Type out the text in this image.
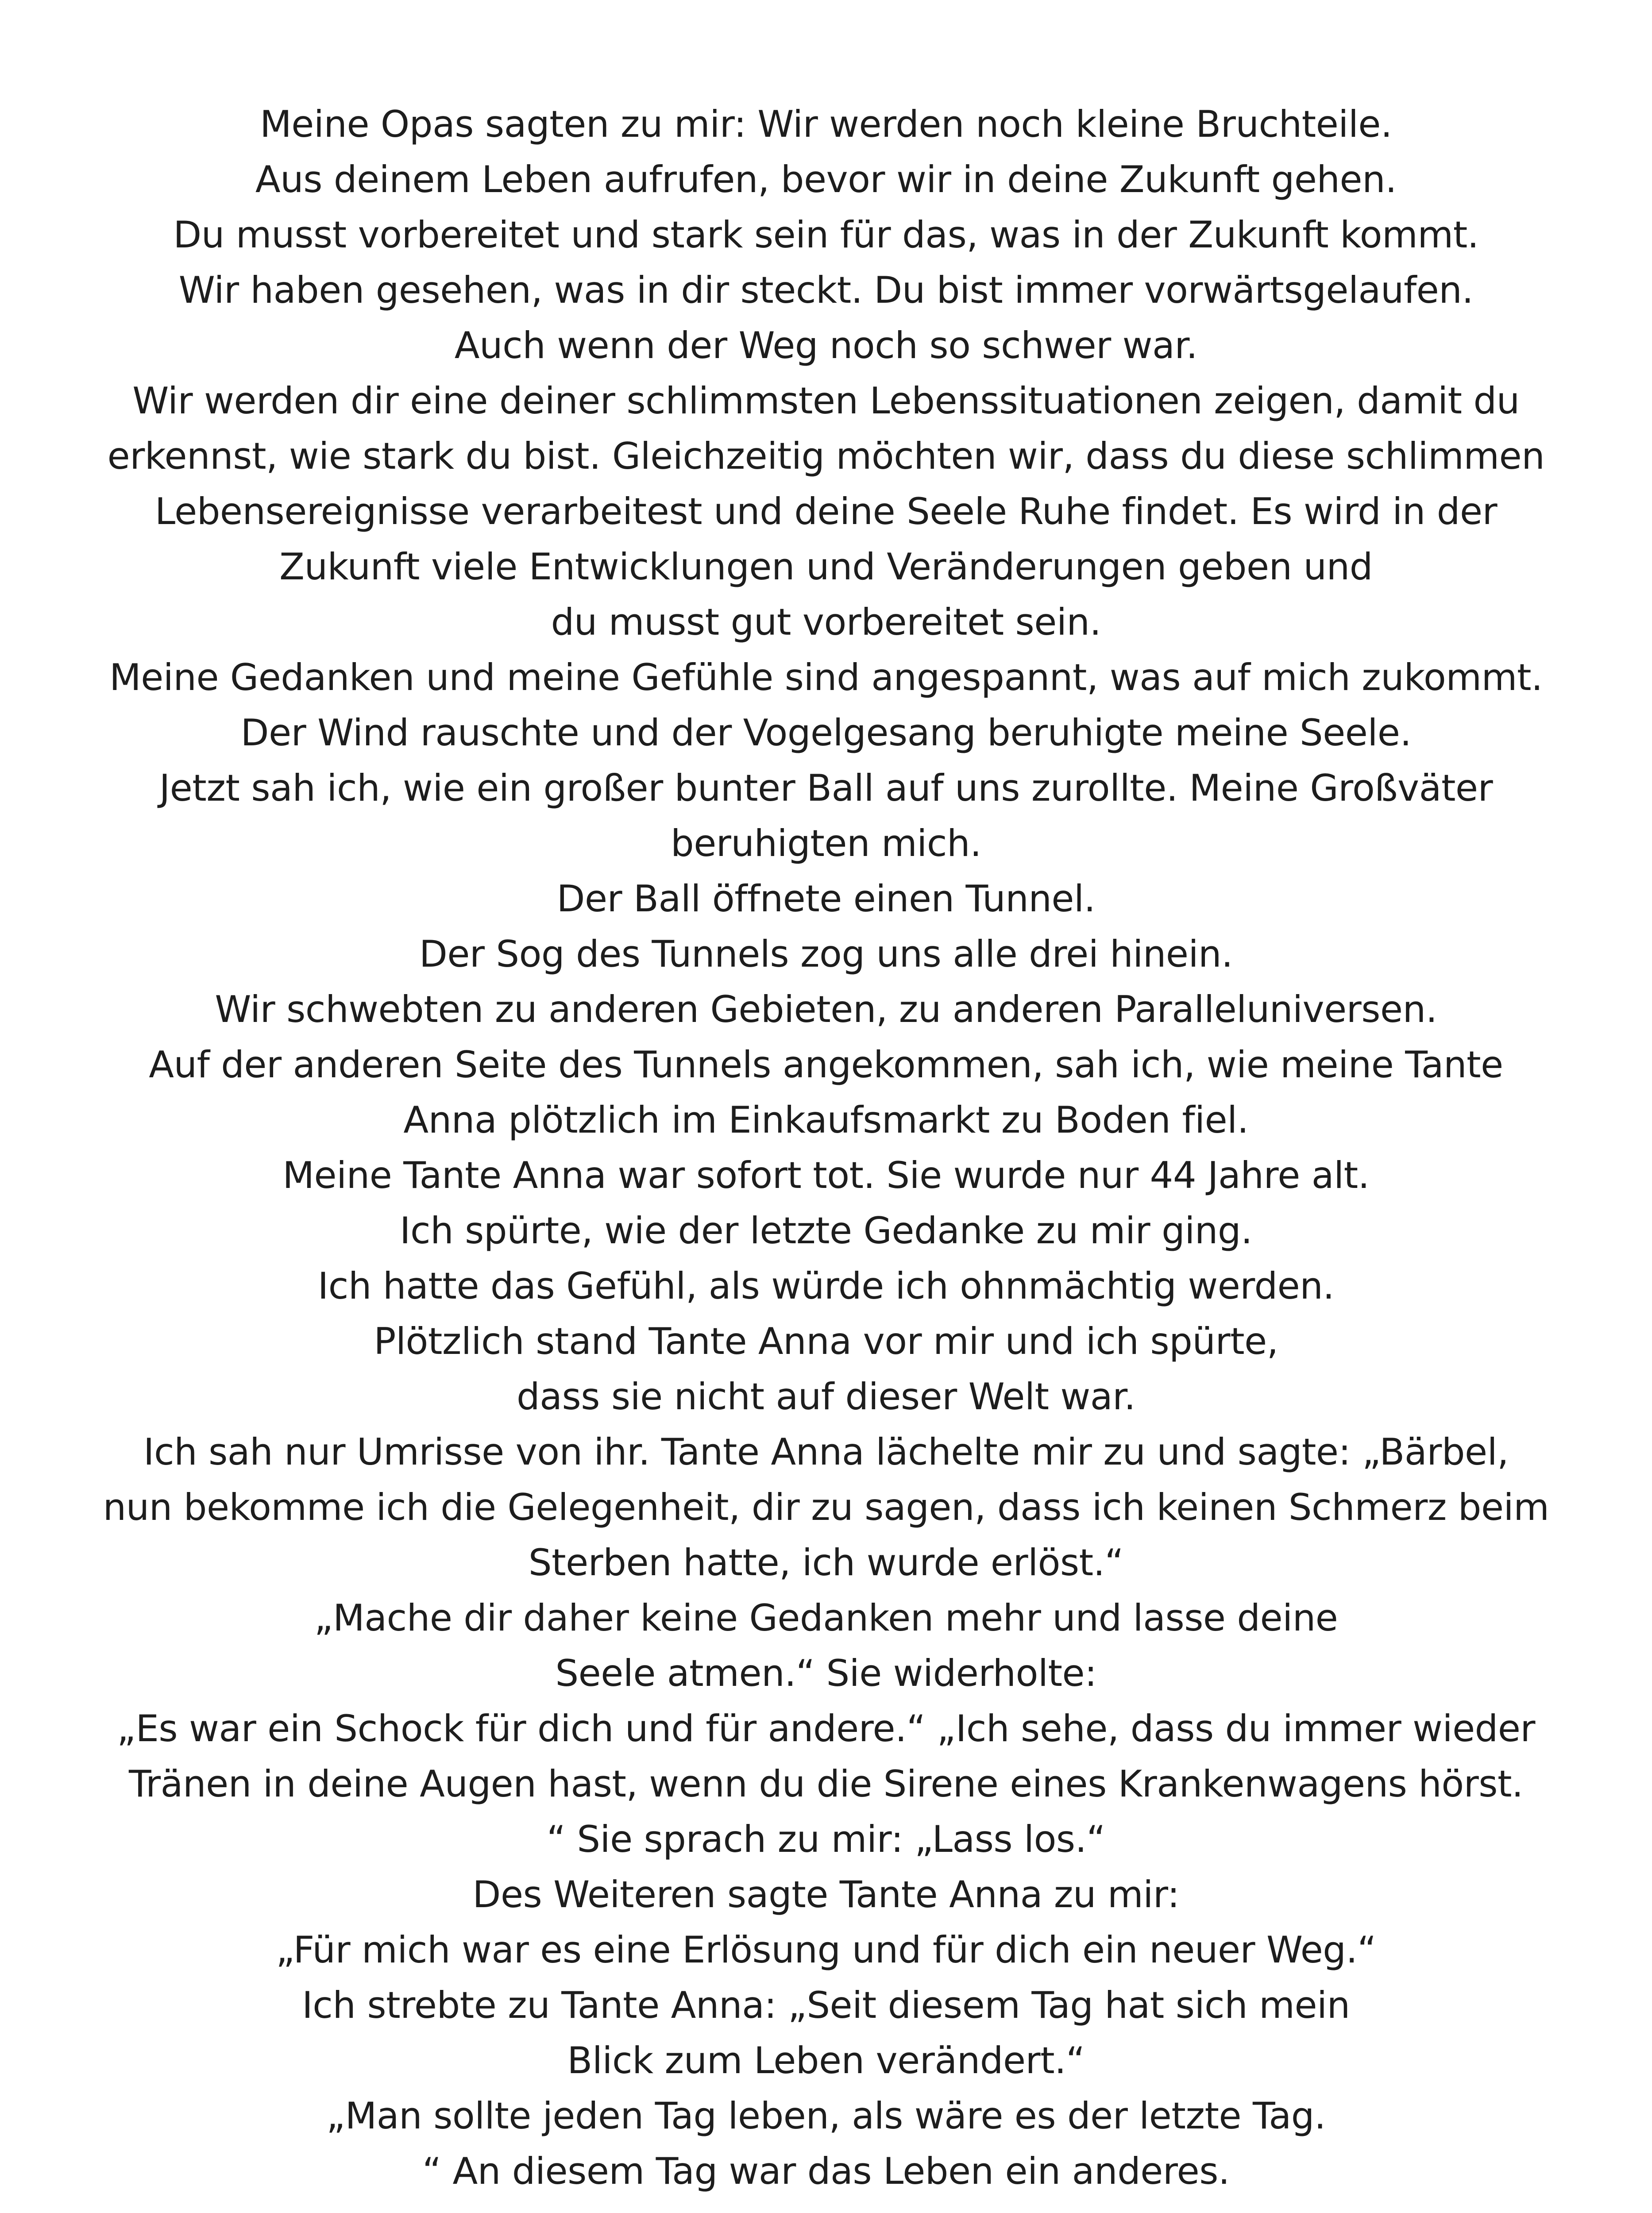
Meine Opas sagten zu mir: Wir werden noch kleine Bruchteile.
Aus deinem Leben aufrufen, bevor wir in deine Zukunft gehen.
Du musst vorbereitet und stark sein für das, was in der Zukunft kommt.
Wir haben gesehen, was in dir steckt. Du bist immer vorwärtsgelaufen.
Auch wenn der Weg noch so schwer war.
Wir werden dir eine deiner schlimmsten Lebenssituationen zeigen, damit du
erkennst, wie stark du bist. Gleichzeitig möchten wir, dass du diese schlimmen
Lebensereignisse verarbeitest und deine Seele Ruhe findet. Es wird in der
Zukunft viele Entwicklungen und Veränderungen geben und
du musst gut vorbereitet sein.
Meine Gedanken und meine Gefühle sind angespannt, was auf mich zukommt.
Der Wind rauschte und der Vogelgesang beruhigte meine Seele.
Jetzt sah ich, wie ein großer bunter Ball auf uns zurollte. Meine Großväter
beruhigten mich.
Der Ball öffnete einen Tunnel.
Der Sog des Tunnels zog uns alle drei hinein.
Wir schwebten zu anderen Gebieten, zu anderen Paralleluniversen.
Auf der anderen Seite des Tunnels angekommen, sah ich, wie meine Tante
Anna plötzlich im Einkaufsmarkt zu Boden fiel.
Meine Tante Anna war sofort tot. Sie wurde nur 44 Jahre alt.
Ich spürte, wie der letzte Gedanke zu mir ging.
Ich hatte das Gefühl, als würde ich ohnmächtig werden.
Plötzlich stand Tante Anna vor mir und ich spürte,
dass sie nicht auf dieser Welt war.
Ich sah nur Umrisse von ihr. Tante Anna lächelte mir zu und sagte: „Bärbel,
nun bekomme ich die Gelegenheit, dir zu sagen, dass ich keinen Schmerz beim
Sterben hatte, ich wurde erlöst.“
„Mache dir daher keine Gedanken mehr und lasse deine
Seele atmen.“ Sie widerholte:
„Es war ein Schock für dich und für andere.“ „Ich sehe, dass du immer wieder
Tränen in deine Augen hast, wenn du die Sirene eines Krankenwagens hörst.
“ Sie sprach zu mir: „Lass los.“
Des Weiteren sagte Tante Anna zu mir:
„Für mich war es eine Erlösung und für dich ein neuer Weg.“
Ich strebte zu Tante Anna: „Seit diesem Tag hat sich mein
Blick zum Leben verändert.“
„Man sollte jeden Tag leben, als wäre es der letzte Tag.
“ An diesem Tag war das Leben ein anderes.
